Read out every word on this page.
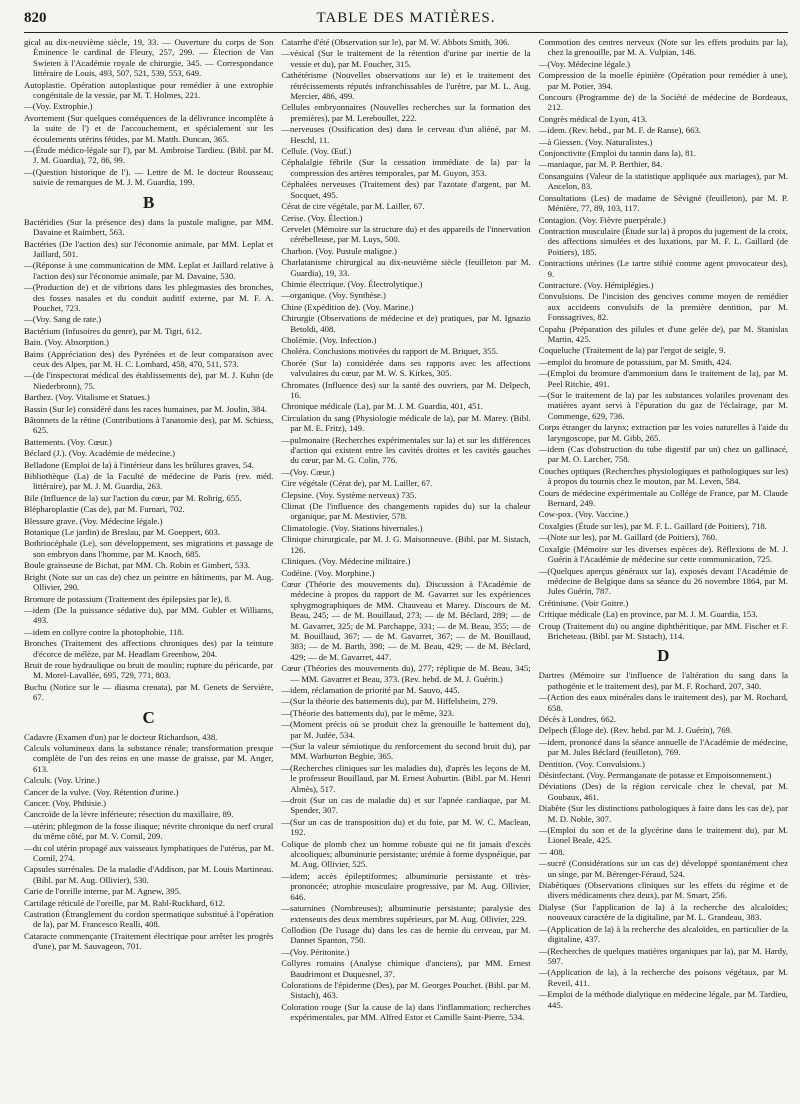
820	TABLE DES MATIÈRES.
gical au dix-neuvième siècle, 19, 33. — Ouverture du corps de Son Éminence le cardinal de Fleury, 257, 299. — Élection de Van Swieten à l'Académie royale de chirurgie, 345. — Correspondance littéraire de Louis, 493, 507, 521, 539, 553, 649.
Autoplastie. Opération autoplastique pour remédier à une extrophie congénitale de la vessie, par M. T. Holmes, 221.
—(Voy. Extrophie.)
Avortement (Sur quelques conséquences de la délivrance incomplète à la suite de l') et de l'accouchement, et spécialement sur les écoulements utérins fétides, par M. Matth. Duncan, 365.
—(Étude médico-légale sur l'), par M. Ambroise Tardieu. (Bibl. par M. J. M. Guardia), 72, 86, 99.
—(Question historique de l'). — Lettre de M. le docteur Rousseau; suivie de remarques de M. J. M. Guardia, 199.
B
Bactéridies (Sur la présence des) dans la pustule maligne, par MM. Davaine et Raimbert, 563.
Bactéries (De l'action des) sur l'économie animale, par MM. Leplat et Jaillard, 501.
—(Réponse à une communication de MM. Leplat et Jaillard relative à l'action des) sur l'économie animale, par M. Davaine, 530.
—(Production de) et de vibrions dans les phlegmasies des bronches, des fosses nasales et du conduit auditif externe, par M. F. A. Pouchet, 723.
—(Voy. Sang de rate.)
Bactérium (Infusoires du genre), par M. Tigri, 612.
Bain. (Voy. Absorption.)
Bains (Appréciation des) des Pyrénées et de leur comparaison avec ceux des Alpes, par M. H. C. Lombard, 458, 470, 511, 573.
—(de l'inspectorat médical des établissements de), par M. J. Kuhn (de Niederbronn), 75.
Barthez. (Voy. Vitalisme et Statues.)
Bassin (Sur le) considéré dans les races humaines, par M. Joulin, 384.
Bâtonnets de la rétine (Contributions à l'anatomie des), par M. Schiess, 625.
Battements. (Voy. Cœur.)
Béclard (J.). (Voy. Académie de médecine.)
Belladone (Emploi de la) à l'intérieur dans les brûlures graves, 54.
Bibliothèque (La) de la Faculté de médecine de Paris (rev. méd. littéraire), par M. J. M. Guardia, 263.
Bile (Influence de la) sur l'action du cœur, par M. Rohrig, 655.
Blépharoplastie (Cas de), par M. Furnari, 702.
Blessure grave. (Voy. Médecine légale.)
Botanique (Le jardin) de Breslau, par M. Goeppert, 603.
Bothriocéphale (Le), son développement, ses migrations et passage de son embryon dans l'homme, par M. Knoch, 685.
Boule graisseuse de Bichat, par MM. Ch. Robin et Gimbert, 533.
Bright (Note sur un cas de) chez un peintre en bâtiments, par M. Aug. Ollivier, 290.
Bromure de potassium (Traitement des épilepsies par le), 8.
—idem (De la puissance sédative du), par MM. Gubler et Williams, 493.
—idem en collyre contre la photophobie, 118.
Bronches (Traitement des affections chroniques des) par la teinture d'écorce de mélèze, par M. Headlam Greenhow, 204.
Bruit de roue hydraulique ou bruit de moulin; rupture du péricarde, par M. Morel-Lavallée, 695, 729, 771, 803.
Buchu (Notice sur le — diasma crenata), par M. Genets de Servière, 67.
C
Cadavre (Examen d'un) par le docteur Richardson, 438.
Calculs volumineux dans la substance rénale; transformation presque complète de l'un des reins en une masse de graisse, par M. Anger, 613.
Calculs. (Voy. Urine.)
Cancer de la vulve. (Voy. Rétention d'urine.)
Cancer. (Voy. Phthisie.)
Cancroïde de la lèvre inférieure; résection du maxillaire, 89.
—utérin; phlegmon de la fosse iliaque; névrite chronique du nerf crural du même côté, par M. V. Cornil, 209.
—du col utérin propagé aux vaisseaux lymphatiques de l'utérus, par M. Cornil, 274.
Capsules surrénales. De la maladie d'Addison, par M. Louis Martineau. (Bibl. par M. Aug. Ollivier), 530.
Carie de l'oreille interne, par M. Agnew, 395.
Cartilage réticulé de l'oreille, par M. Rabl-Ruckhard, 612.
Castration (Étranglement du cordon spermatique substitué à l'opération de la), par M. Francesco Realli, 408.
Cataracte commençante (Traitement électrique pour arrêter les progrès d'une), par M. Sauvageon, 701.
Catarrhe d'été (Observation sur le), par M. W. Abbots Smith, 306.
—vésical (Sur le traitement de la rétention d'urine par inertie de la vessie et du), par M. Foucher, 315.
Cathétérisme (Nouvelles observations sur le) et le traitement des rétrécissements réputés infranchissables de l'urètre, par M. L. Aug. Mercier, 486, 499.
Cellules embryonnaires (Nouvelles recherches sur la formation des premières), par M. Lereboullet, 222.
—nerveuses (Ossification des) dans le cerveau d'un aliéné, par M. Heschl, 11.
Cellule. (Voy. Œuf.)
Céphalalgie fébrile (Sur la cessation immédiate de la) par la compression des artères temporales, par M. Guyon, 353.
Céphalées nerveuses (Traitement des) par l'azotate d'argent, par M. Socquet, 495.
Cérat de cire végétale, par M. Lailler, 67.
Cerise. (Voy. Élection.)
Cervelet (Mémoire sur la structure du) et des appareils de l'innervation cérébelleuse, par M. Luys, 500.
Charbon. (Voy. Pustule maligne.)
Charlatanisme chirurgical au dix-neuvième siècle (feuilleton par M. Guardia), 19, 33.
Chimie électrique. (Voy. Électrolytique.)
—organique. (Voy. Synthèse.)
Chine (Expédition de). (Voy. Marine.)
Chirurgie (Observations de médecine et de) pratiques, par M. Ignazio Betoldi, 408.
Cholémie. (Voy. Infection.)
Choléra. Conclusions motivées du rapport de M. Briquet, 355.
Chorée (Sur la) considérée dans ses rapports avec les affections valvulaires du cœur, par M. W. S. Kirkes, 305.
Chromates (Influence des) sur la santé des ouvriers, par M. Delpech, 16.
Chronique médicale (La), par M. J. M. Guardia, 401, 451.
Circulation du sang (Physiologie médicale de la), par M. Marey. (Bibl. par M. E. Fritz), 149.
—pulmonaire (Recherches expérimentales sur la) et sur les différences d'action qui existent entre les cavités droites et les cavités gauches du cœur, par M. G. Colin, 776.
—(Voy. Cœur.)
Cire végétale (Cérat de), par M. Lailler, 67.
Clepsine. (Voy. Système nerveux) 735.
Climat (De l'influence des changements rapides du) sur la chaleur organique, par M. Mestivier, 578.
Climatologie. (Voy. Stations hivernales.)
Clinique chirurgicale, par M. J. G. Maisonneuve. (Bibl. par M. Sistach, 126.
Cliniques. (Voy. Médecine militaire.)
Codéine. (Voy. Morphine.)
Cœur (Théorie des mouvements du). Discussion à l'Académie de médecine à propos du rapport de M. Gavarret sur les expériences sphygmographiques de MM. Chauveau et Marey. Discours de M. Beau, 245; — de M. Bouillaud, 273; — de M. Béclard, 289; — de M. Gavarret, 325; de M. Parchappe, 331; — de M. Beau, 355; — de M. Bouillaud, 367; — de M. Gavarret, 367; — de M. Bouillaud, 383; — de M. Barth, 398; — de M. Beau, 429; — de M. Béclard, 429; — de M. Gavarret, 447.
Cœur (Théories des mouvements du), 277; réplique de M. Beau, 345; — MM. Gavarret et Beau, 373. (Rev. hebd. de M. J. Guérin.)
—idem, réclamation de priorité par M. Sauvo, 445.
—(Sur la théorie des battements du), par M. Hiffelsheim, 279.
—(Théorie des battements du), par le même, 323.
—(Moment précis où se produit chez la grenouille le battement du), par M. Judée, 534.
—(Sur la valeur sémiotique du renforcement du second bruit du), par MM. Warburton Begbie, 365.
—(Recherches cliniques sur les maladies du), d'après les leçons de M. le professeur Bouillaud, par M. Ernest Auburtin. (Bibl. par M. Henri Almès), 517.
—droit (Sur un cas de maladie du) et sur l'apnée cardiaque, par M. Spender, 307.
—(Sur un cas de transposition du) et du foie, par M. W. C. Maclean, 192.
Colique de plomb chez un homme robuste qui ne fit jamais d'excès alcooliques; albuminurie persistante; urémie à forme dyspnéique, par M. Aug. Ollivier, 525.
—idem; accès épileptiformes; albuminurie persistante et très-prononcée; atrophie musculaire progressive, par M. Aug. Ollivier, 646.
—saturnines (Nombreuses); albuminurie persistante; paralysie des extenseurs des deux membres supérieurs, par M. Aug. Ollivier, 229.
Collodion (De l'usage du) dans les cas de hernie du cerveau, par M. Dannet Spanton, 750.
—(Voy. Péritonite.)
Collyres romains (Analyse chimique d'anciens), par MM. Ernest Baudrimont et Duquesnel, 37.
Colorations de l'épiderme (Des), par M. Georges Pouchet. (Bibl. par M. Sistach), 463.
Coloration rouge (Sur la cause de la) dans l'inflammation; recherches expérimentales, par MM. Alfred Estor et Camille Saint-Pierre, 534.
Commotion des centres nerveux (Note sur les effets produits par la), chez la grenouille, par M. A. Vulpian, 146.
—(Voy. Médecine légale.)
Compression de la moelle épinière (Opération pour remédier à une), par M. Potier, 394.
Concours (Programme de) de la Société de médecine de Bordeaux, 212.
Congrès médical de Lyon, 413.
—idem. (Rev. hebd., par M. F. de Ranse), 663.
—à Giessen. (Voy. Naturalistes.)
Conjonctivite (Emploi du tannin dans la), 81.
—maniaque, par M. P. Berthier, 84.
Consanguins (Valeur de la statistique appliquée aux mariages), par M. Ancelon, 83.
Consultations (Les) de madame de Sévigné (feuilleton), par M. P. Ménière, 77, 89, 103, 117.
Contagion. (Voy. Fièvre puerpérale.)
Contraction musculaire (Étude sur la) à propos du jugement de la croix, des affections simulées et des luxations, par M. F. L. Gaillard (de Poitiers), 185.
Contractions utérines (Le tartre stibié comme agent provocateur des), 9.
Contracture. (Voy. Hémiplégies.)
Convulsions. De l'incision des gencives comme moyen de remédier aux accidents convulsifs de la première dentition, par M. Fonssagrives, 82.
Copahu (Préparation des pilules et d'une gelée de), par M. Stanislas Martin, 425.
Coqueluche (Traitement de la) par l'ergot de seigle, 9.
—emploi du bromure de potassium, par M. Smith, 424.
—(Emploi du bromure d'ammonium dans le traitement de la), par M. Peel Ritchie, 491.
—(Sur le traitement de la) par les substances volatiles provenant des matières ayant servi à l'épuration du gaz de l'éclairage, par M. Commenge, 629, 736.
Corps étranger du larynx; extraction par les voies naturelles à l'aide du laryngoscope, par M. Gibb, 265.
—idem (Cas d'obstruction du tube digestif par un) chez un gallinacé, par M. O. Larcher, 758.
Couches optiques (Recherches physiologiques et pathologiques sur les) à propos du tournis chez le mouton, par M. Leven, 584.
Cours de médecine expérimentale au Collége de France, par M. Claude Bernard, 249.
Cow-pox. (Voy. Vaccine.)
Coxalgies (Étude sur les), par M. F. L. Gaillard (de Poitiers), 718.
—(Note sur les), par M. Gaillard (de Poitiers), 760.
Coxalgie (Mémoire sur les diverses espèces de). Réflexions de M. J. Guérin à l'Académie de médecine sur cette communication, 725.
—(Quelques aperçus généraux sur la), exposés devant l'Académie de médecine de Belgique dans sa séance du 26 novembre 1864, par M. Jules Guérin, 787.
Crétinisme. (Voir Goitre.)
Critique médicale (La) en province, par M. J. M. Guardia, 153.
Croup (Traitement du) ou angine diphthéritique, par MM. Fischer et F. Bricheteau. (Bibl. par M. Sistach), 114.
D
Dartres (Mémoire sur l'influence de l'altération du sang dans la pathogénie et le traitement des), par M. F. Rochard, 207, 340.
—(Action des eaux minérales dans le traitement des), par M. Rochard, 658.
Décès à Londres, 662.
Delpech (Éloge de). (Rev. hebd. par M. J. Guérin), 769.
—idem, prononcé dans la séance annuelle de l'Académie de médecine, par M. Jules Béclard (feuilleton), 769.
Dentition. (Voy. Convulsions.)
Désinfectant. (Voy. Permanganate de potasse et Empoisonnement.)
Déviations (Des) de la région cervicale chez le cheval, par M. Goubaux, 461.
Diabète (Sur les distinctions pathologiques à faire dans les cas de), par M. D. Noble, 307.
—(Emploi du son et de la glycérine dans le traitement du), par M. Lionel Beale, 425.
— 408.
—sucré (Considérations sur un cas de) développé spontanément chez un singe, par M. Bérenger-Féraud, 524.
Diabétiques (Observations cliniques sur les effets du régime et de divers médicaments chez deux), par M. Smart, 256.
Dialyse (Sur l'application de la) à la recherche des alcaloïdes; nouveaux caractère de la digitaline, par M. L. Grandeau, 383.
—(Application de la) à la recherche des alcaloïdes, en particulier de la digitaline, 437.
—(Recherches de quelques matières organiques par la), par M. Hardy, 597.
—(Application de la), à la recherche des poisons végétaux, par M. Reveil, 411.
—Emploi de la méthode dialytique en médecine légale, par M. Tardieu, 445.
